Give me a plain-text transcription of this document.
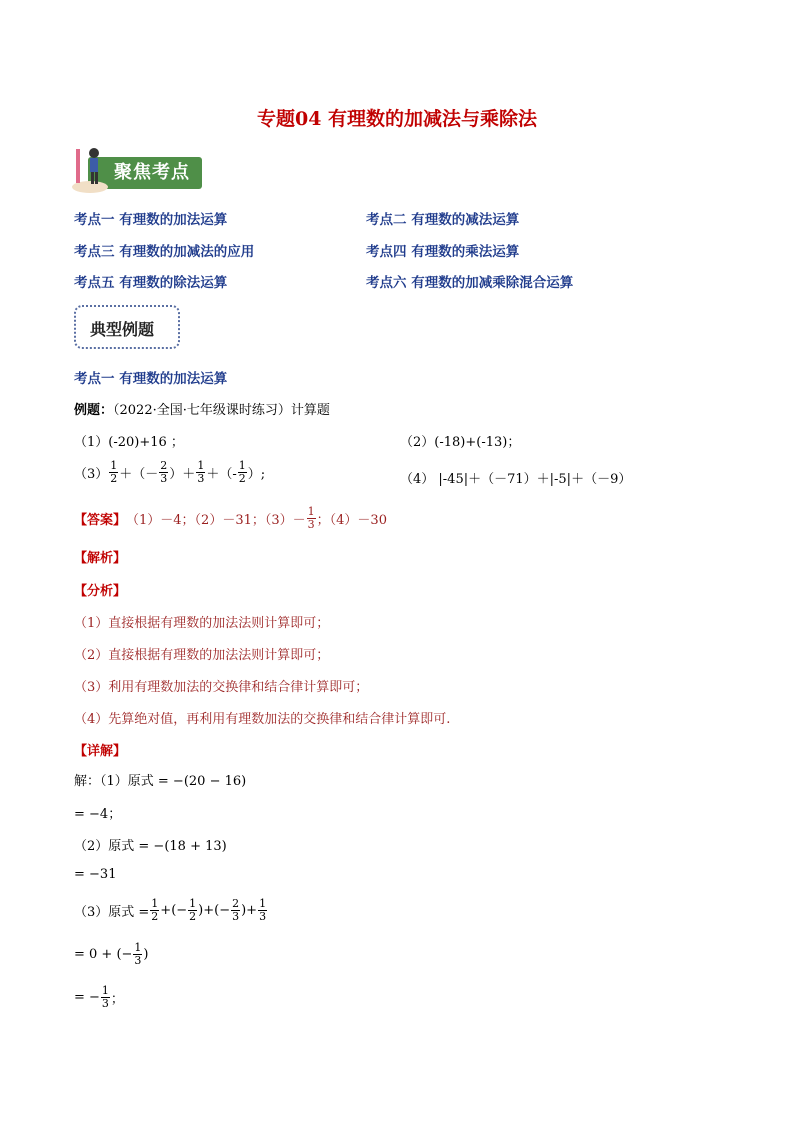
专题04 有理数的加减法与乘除法
聚焦考点
考点一 有理数的加法运算	考点二 有理数的减法运算
考点三 有理数的加减法的应用	考点四 有理数的乘法运算
考点五 有理数的除法运算	考点六 有理数的加减乘除混合运算
典型例题
考点一 有理数的加法运算
例题：（2022·全国·七年级课时练习）计算题
（1）(-20)+16 ；	（2）(-18)+(-13)；
$(3) \frac{1}{2}$ ＋（－ $\frac{2}{3}$ ）＋ $\frac{1}{3}$ ＋（- $\frac{1}{2}$ ）;	（4） |-45|＋（－71）＋|-5|＋（－9）
【答案】 （1）－4；（2）－31；$(3)- \frac{1}{3}$ ；（4）－30
【解析】
【分析】
（1）直接根据有理数的加法法则计算即可；
（2）直接根据有理数的加法法则计算即可；
（3）利用有理数加法的交换律和结合律计算即可；
（4）先算绝对值，再利用有理数加法的交换律和结合律计算即可.
【详解】
解：（1）原式 = −(20 − 16)
= −4；
（2）原式 = −(18 + 13)
= −31
（3）原式 = $\frac{1}{2}$ +(− $\frac{1}{2}$ )+(− $\frac{2}{3}$ )+ $\frac{1}{3}$
= 0 + (− $\frac{1}{3}$ )
= − $\frac{1}{3}$ ；
